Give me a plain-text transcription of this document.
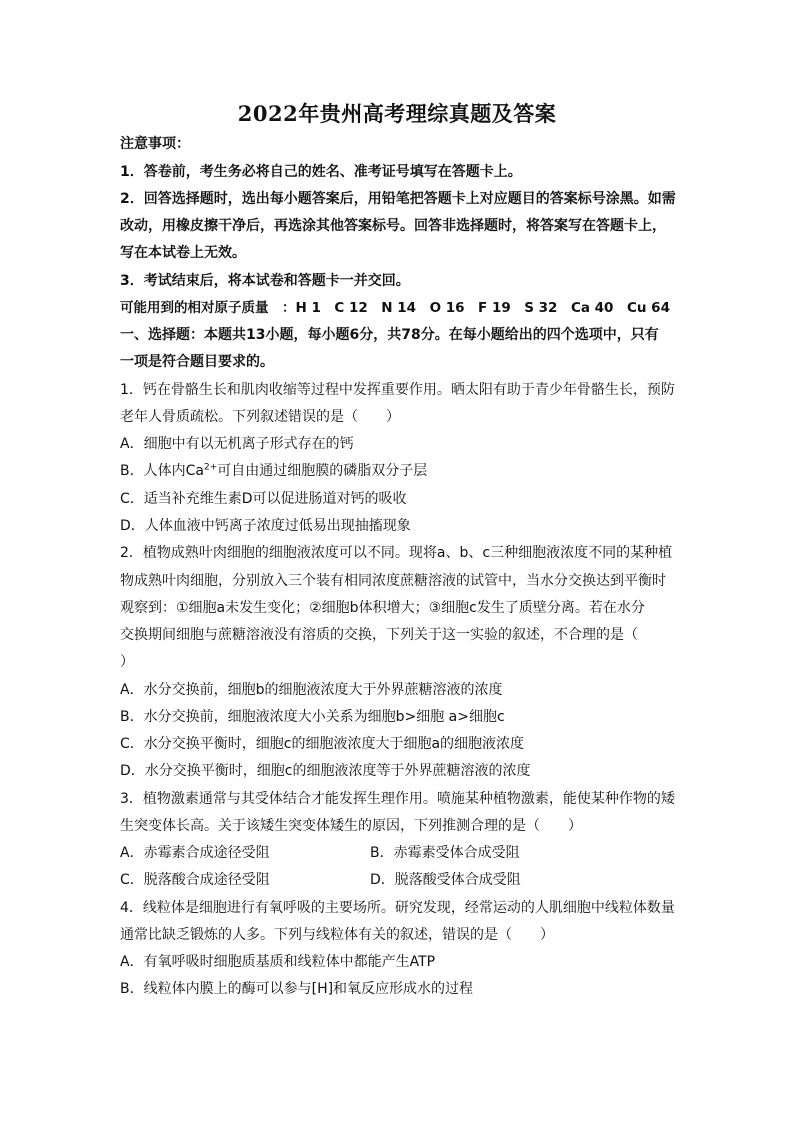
2022年贵州高考理综真题及答案
注意事项：
1．答卷前，考生务必将自己的姓名、准考证号填写在答题卡上。
2．回答选择题时，选出每小题答案后，用铅笔把答题卡上对应题目的答案标号涂黑。如需
改动，用橡皮擦干净后，再选涂其他答案标号。回答非选择题时，将答案写在答题卡上，
写在本试卷上无效。
3．考试结束后，将本试卷和答题卡一并交回。
可能用到的相对原子质量　：H 1　C 12　N 14　O 16　F 19　S 32　Ca 40　Cu 64
一、选择题：本题共13小题，每小题6分，共78分。在每小题给出的四个选项中，只有
一项是符合题目要求的。
1．钙在骨骼生长和肌肉收缩等过程中发挥重要作用。晒太阳有助于青少年骨骼生长，预防
老年人骨质疏松。下列叙述错误的是（　　）
A．细胞中有以无机离子形式存在的钙
B．人体内$Ca^{2+}$可自由通过细胞膜的磷脂双分子层
C．适当补充维生素D可以促进肠道对钙的吸收
D．人体血液中钙离子浓度过低易出现抽搐现象
2．植物成熟叶肉细胞的细胞液浓度可以不同。现将a、b、c三种细胞液浓度不同的某种植
物成熟叶肉细胞，分别放入三个装有相同浓度蔗糖溶液的试管中，当水分交换达到平衡时
观察到：①细胞a未发生变化；②细胞b体积增大；③细胞c发生了质壁分离。若在水分
交换期间细胞与蔗糖溶液没有溶质的交换，下列关于这一实验的叙述，不合理的是（
）
A．水分交换前，细胞b的细胞液浓度大于外界蔗糖溶液的浓度
B．水分交换前，细胞液浓度大小关系为细胞b>细胞 a>细胞c
C．水分交换平衡时，细胞c的细胞液浓度大于细胞a的细胞液浓度
D．水分交换平衡时，细胞c的细胞液浓度等于外界蔗糖溶液的浓度
3．植物激素通常与其受体结合才能发挥生理作用。喷施某种植物激素，能使某种作物的矮
生突变体长高。关于该矮生突变体矮生的原因，下列推测合理的是（　　）
A．赤霉素合成途径受阻	B．赤霉素受体合成受阻
C．脱落酸合成途径受阻	D．脱落酸受体合成受阻
4．线粒体是细胞进行有氧呼吸的主要场所。研究发现，经常运动的人肌细胞中线粒体数量
通常比缺乏锻炼的人多。下列与线粒体有关的叙述，错误的是（　　）
A．有氧呼吸时细胞质基质和线粒体中都能产生ATP
B．线粒体内膜上的酶可以参与[H]和氧反应形成水的过程
